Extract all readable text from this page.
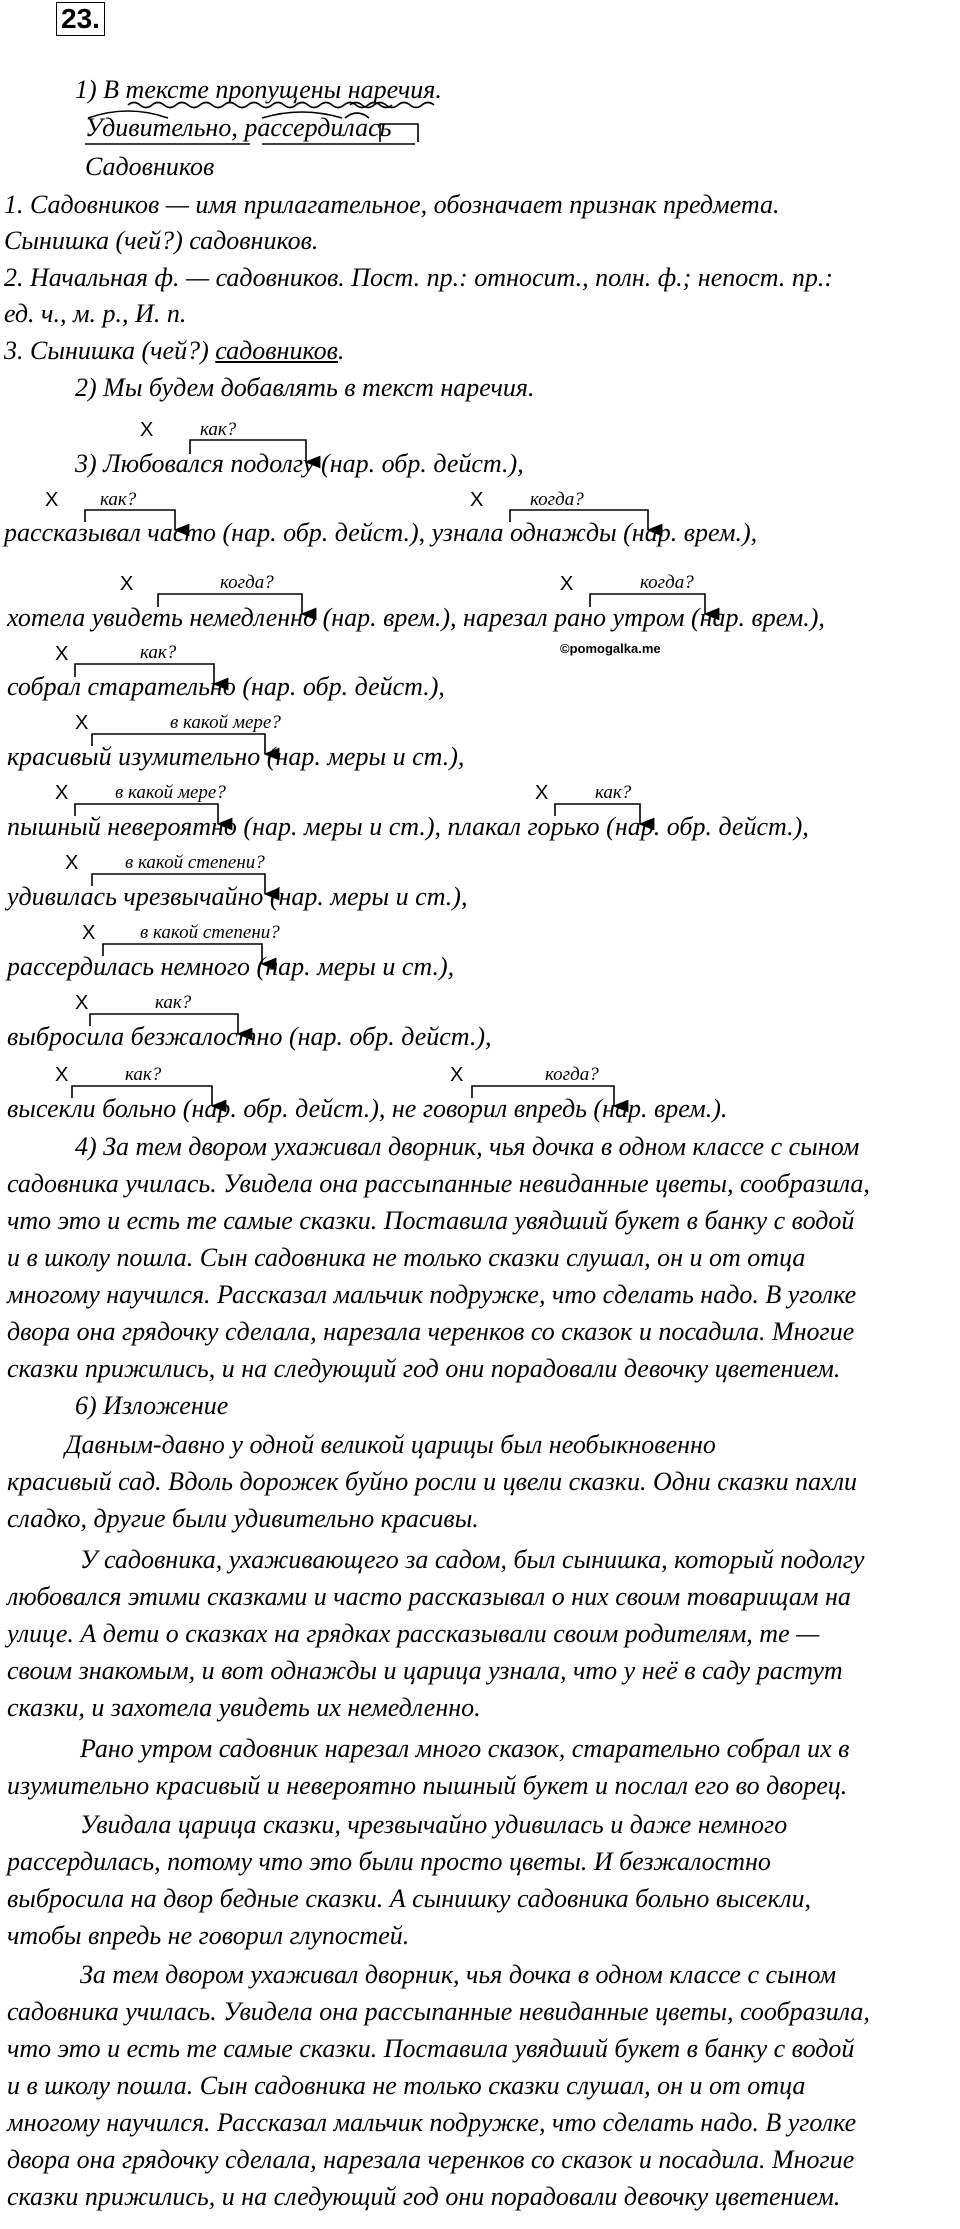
23.
1) В тексте пропущены наречия.
Удивительно, рассердилась
Садовников
1. Садовников — имя прилагательное, обозначает признак предмета.
Сынишка (чей?) садовников.
2. Начальная ф. — садовников. Пост. пр.: относит., полн. ф.; непост. пр.:
ед. ч., м. р., И. п.
3. Сынишка (чей?) садовников.
2) Мы будем добавлять в текст наречия.
3) Любовался подолгу (нар. обр. дейст.),
рассказывал часто (нар. обр. дейст.), узнала однажды (нар. врем.),
хотела увидеть немедленно (нар. врем.), нарезал рано утром (нар. врем.),
собрал старательно (нар. обр. дейст.),
красивый изумительно (нар. меры и ст.),
пышный невероятно (нар. меры и ст.), плакал горько (нар. обр. дейст.),
удивилась чрезвычайно (нар. меры и ст.),
рассердилась немного (нар. меры и ст.),
выбросила безжалостно (нар. обр. дейст.),
высекли больно (нар. обр. дейст.), не говорил впредь (нар. врем.).
Х как?
Х как?	Х когда?
Х	когда?	Х	когда?
Х	как?
Х	в какой мере?
Х в какой мере?	Х как?
Х в какой степени?
Х в какой степени?
Х	как?
Х	как?	Х	когда?
©pomogalka.me
4) За тем двором ухаживал дворник, чья дочка в одном классе с сыном
садовника училась. Увидела она рассыпанные невиданные цветы, сообразила,
что это и есть те самые сказки. Поставила увядший букет в банку с водой
и в школу пошла. Сын садовника не только сказки слушал, он и от отца
многому научился. Рассказал мальчик подружке, что сделать надо. В уголке
двора она грядочку сделала, нарезала черенков со сказок и посадила. Многие
сказки прижились, и на следующий год они порадовали девочку цветением.
6) Изложение
Давным-давно у одной великой царицы был необыкновенно
красивый сад. Вдоль дорожек буйно росли и цвели сказки. Одни сказки пахли
сладко, другие были удивительно красивы.
У садовника, ухаживающего за садом, был сынишка, который подолгу
любовался этими сказками и часто рассказывал о них своим товарищам на
улице. А дети о сказках на грядках рассказывали своим родителям, те —
своим знакомым, и вот однажды и царица узнала, что у неё в саду растут
сказки, и захотела увидеть их немедленно.
Рано утром садовник нарезал много сказок, старательно собрал их в
изумительно красивый и невероятно пышный букет и послал его во дворец.
Увидала царица сказки, чрезвычайно удивилась и даже немного
рассердилась, потому что это были просто цветы. И безжалостно
выбросила на двор бедные сказки. А сынишку садовника больно высекли,
чтобы впредь не говорил глупостей.
За тем двором ухаживал дворник, чья дочка в одном классе с сыном
садовника училась. Увидела она рассыпанные невиданные цветы, сообразила,
что это и есть те самые сказки. Поставила увядший букет в банку с водой
и в школу пошла. Сын садовника не только сказки слушал, он и от отца
многому научился. Рассказал мальчик подружке, что сделать надо. В уголке
двора она грядочку сделала, нарезала черенков со сказок и посадила. Многие
сказки прижились, и на следующий год они порадовали девочку цветением.
